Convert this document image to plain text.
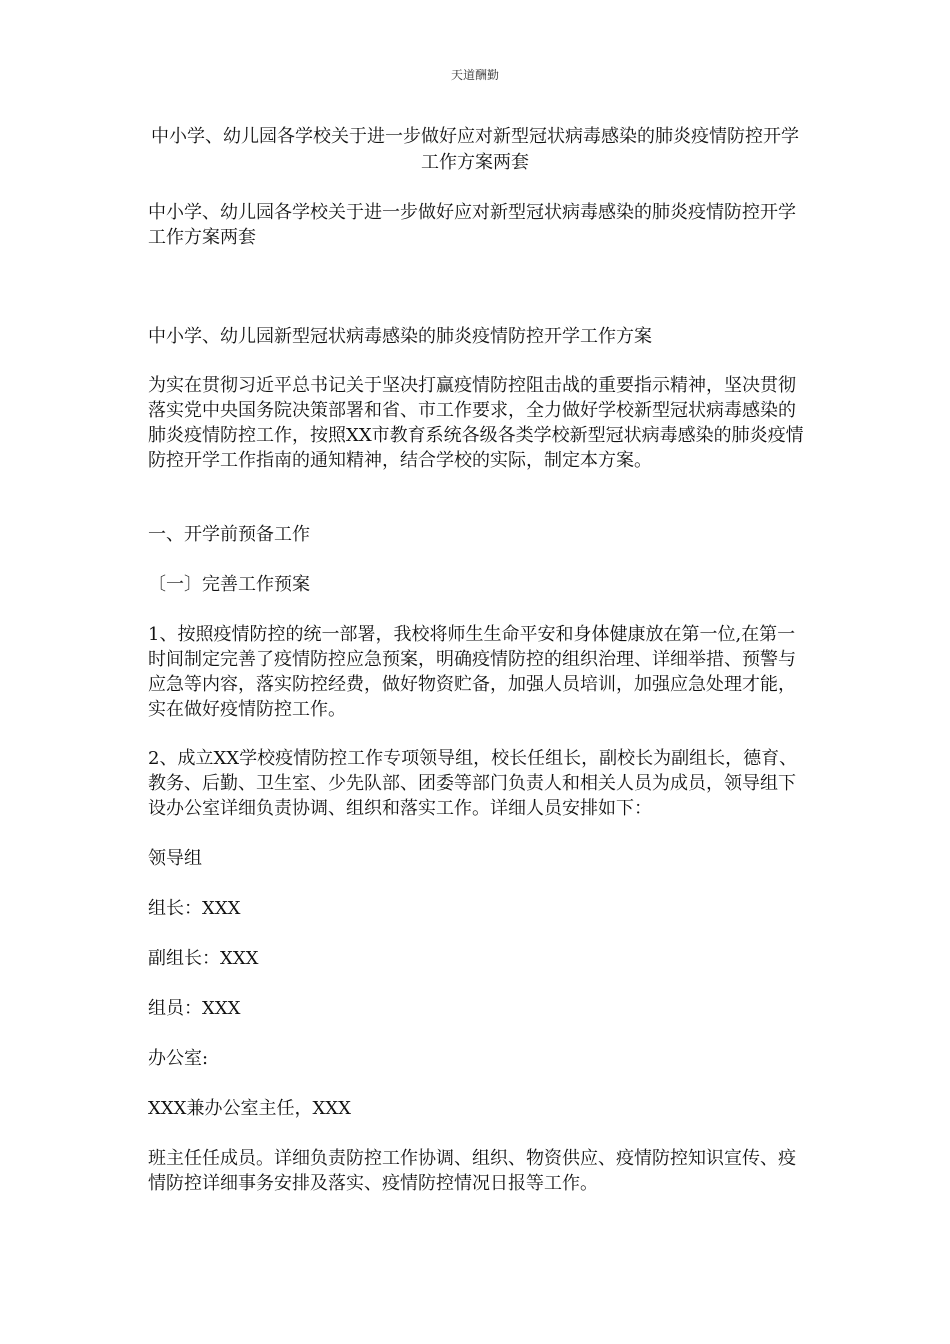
天道酬勤
中小学、幼儿园各学校关于进一步做好应对新型冠状病毒感染的肺炎疫情防控开学工作方案两套

中小学、幼儿园各学校关于进一步做好应对新型冠状病毒感染的肺炎疫情防控开学工作方案两套

中小学、幼儿园新型冠状病毒感染的肺炎疫情防控开学工作方案

为实在贯彻习近平总书记关于坚决打赢疫情防控阻击战的重要指示精神，坚决贯彻落实党中央国务院决策部署和省、市工作要求，全力做好学校新型冠状病毒感染的肺炎疫情防控工作，按照XX市教育系统各级各类学校新型冠状病毒感染的肺炎疫情防控开学工作指南的通知精神，结合学校的实际，制定本方案。

一、开学前预备工作

〔一〕完善工作预案

1、按照疫情防控的统一部署，我校将师生生命平安和身体健康放在第一位,在第一时间制定完善了疫情防控应急预案，明确疫情防控的组织治理、详细举措、预警与应急等内容，落实防控经费，做好物资贮备，加强人员培训，加强应急处理才能，实在做好疫情防控工作。

2、成立XX学校疫情防控工作专项领导组，校长任组长，副校长为副组长，德育、教务、后勤、卫生室、少先队部、团委等部门负责人和相关人员为成员，领导组下设办公室详细负责协调、组织和落实工作。详细人员安排如下：

领导组

组长：XXX

副组长：XXX

组员：XXX

办公室:

XXX兼办公室主任，XXX

班主任任成员。详细负责防控工作协调、组织、物资供应、疫情防控知识宣传、疫情防控详细事务安排及落实、疫情防控情况日报等工作。
